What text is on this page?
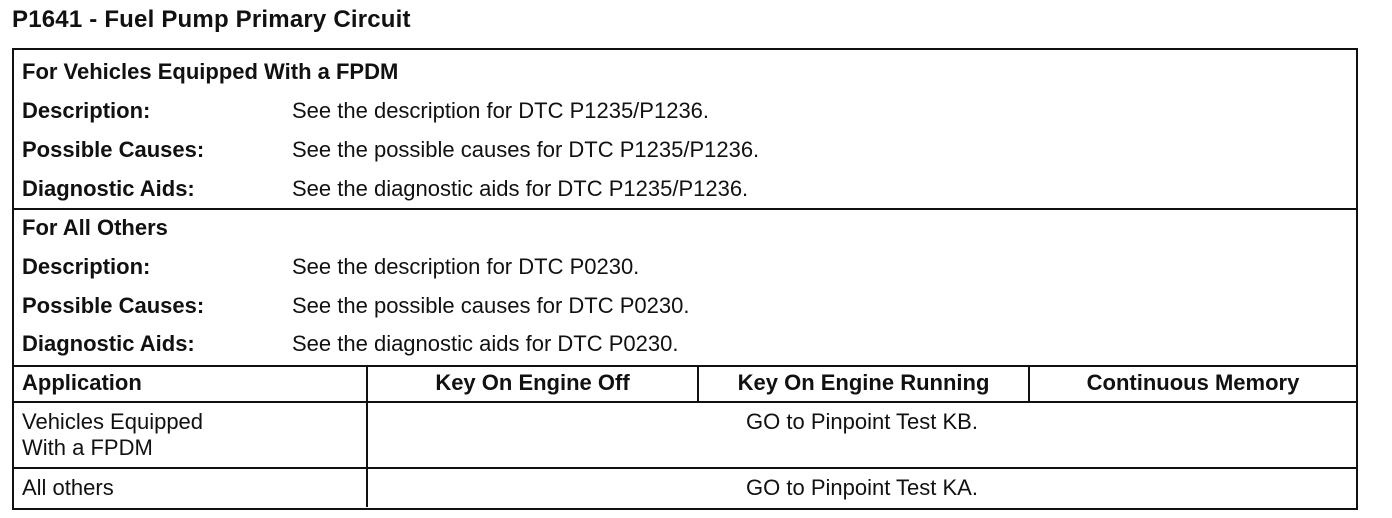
P1641 - Fuel Pump Primary Circuit
For Vehicles Equipped With a FPDM
Description:	See the description for DTC P1235/P1236.
Possible Causes:	See the possible causes for DTC P1235/P1236.
Diagnostic Aids:	See the diagnostic aids for DTC P1235/P1236.
For All Others
Description:	See the description for DTC P0230.
Possible Causes:	See the possible causes for DTC P0230.
Diagnostic Aids:	See the diagnostic aids for DTC P0230.
Application	Key On Engine Off	Key On Engine Running	Continuous Memory

Vehicles Equipped
With a FPDM	GO to Pinpoint Test KB.		
All others	GO to Pinpoint Test KA.		
